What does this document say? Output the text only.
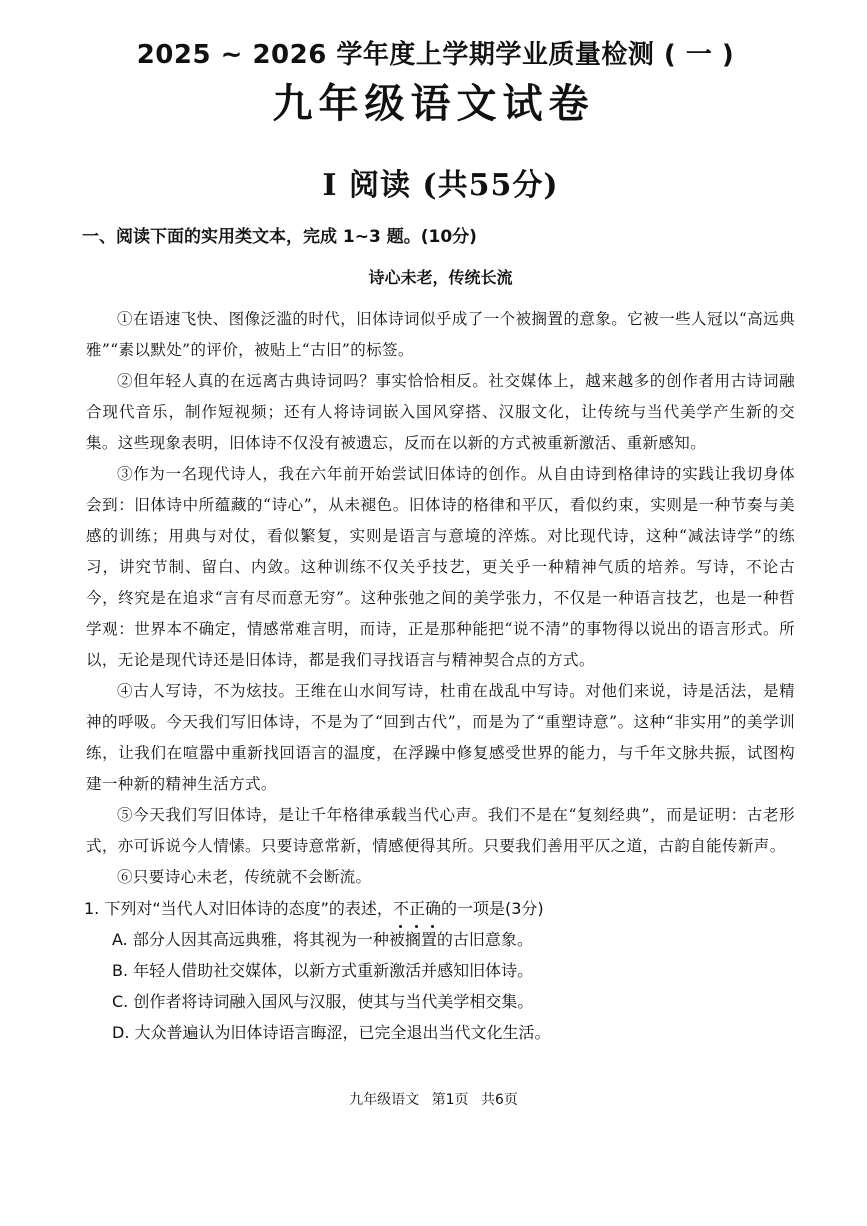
2025 ~ 2026 学年度上学期学业质量检测 ( 一 )
九年级语文试卷
I 阅读 (共55分)
一、阅读下面的实用类文本，完成 1~3 题。(10分)
诗心未老，传统长流

①在语速飞快、图像泛滥的时代，旧体诗词似乎成了一个被搁置的意象。它被一些人冠以“高远典雅”“素以默处”的评价，被贴上“古旧”的标签。

②但年轻人真的在远离古典诗词吗？事实恰恰相反。社交媒体上，越来越多的创作者用古诗词融合现代音乐，制作短视频；还有人将诗词嵌入国风穿搭、汉服文化，让传统与当代美学产生新的交集。这些现象表明，旧体诗不仅没有被遗忘，反而在以新的方式被重新激活、重新感知。

③作为一名现代诗人，我在六年前开始尝试旧体诗的创作。从自由诗到格律诗的实践让我切身体会到：旧体诗中所蕴藏的“诗心”，从未褪色。旧体诗的格律和平仄，看似约束，实则是一种节奏与美感的训练；用典与对仗，看似繁复，实则是语言与意境的淬炼。对比现代诗，这种“减法诗学”的练习，讲究节制、留白、内敛。这种训练不仅关乎技艺，更关乎一种精神气质的培养。写诗，不论古今，终究是在追求“言有尽而意无穷”。这种张弛之间的美学张力，不仅是一种语言技艺，也是一种哲学观：世界本不确定，情感常难言明，而诗，正是那种能把“说不清”的事物得以说出的语言形式。所以，无论是现代诗还是旧体诗，都是我们寻找语言与精神契合点的方式。

④古人写诗，不为炫技。王维在山水间写诗，杜甫在战乱中写诗。对他们来说，诗是活法，是精神的呼吸。今天我们写旧体诗，不是为了“回到古代”，而是为了“重塑诗意”。这种“非实用”的美学训练，让我们在喧嚣中重新找回语言的温度，在浮躁中修复感受世界的能力，与千年文脉共振，试图构建一种新的精神生活方式。

⑤今天我们写旧体诗，是让千年格律承载当代心声。我们不是在“复刻经典”，而是证明：古老形式，亦可诉说今人情愫。只要诗意常新，情感便得其所。只要我们善用平仄之道，古韵自能传新声。

⑥只要诗心未老，传统就不会断流。

1. 下列对“当代人对旧体诗的态度”的表述，不正确的一项是(3分)
A. 部分人因其高远典雅，将其视为一种被搁置的古旧意象。
B. 年轻人借助社交媒体，以新方式重新激活并感知旧体诗。
C. 创作者将诗词融入国风与汉服，使其与当代美学相交集。
D. 大众普遍认为旧体诗语言晦涩，已完全退出当代文化生活。
九年级语文 第1页 共6页
